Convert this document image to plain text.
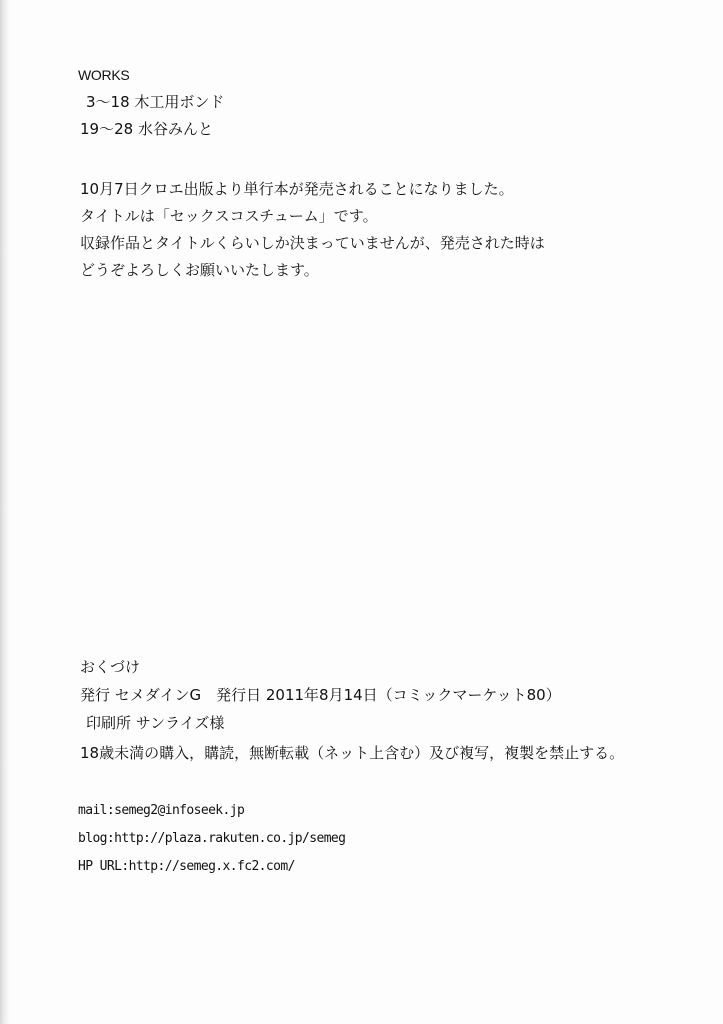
WORKS
3～18 木工用ボンド
19～28 水谷みんと
10月7日クロエ出版より単行本が発売されることになりました。
タイトルは「セックスコスチューム」です。
収録作品とタイトルくらいしか決まっていませんが、発売された時は
どうぞよろしくお願いいたします。
おくづけ
発行 セメダインG　発行日 2011年8月14日（コミックマーケット80）
印刷所 サンライズ様
18歳未満の購入，購読，無断転載（ネット上含む）及び複写，複製を禁止する。
mail:semeg2@infoseek.jp
blog:http://plaza.rakuten.co.jp/semeg
HP URL:http://semeg.x.fc2.com/
